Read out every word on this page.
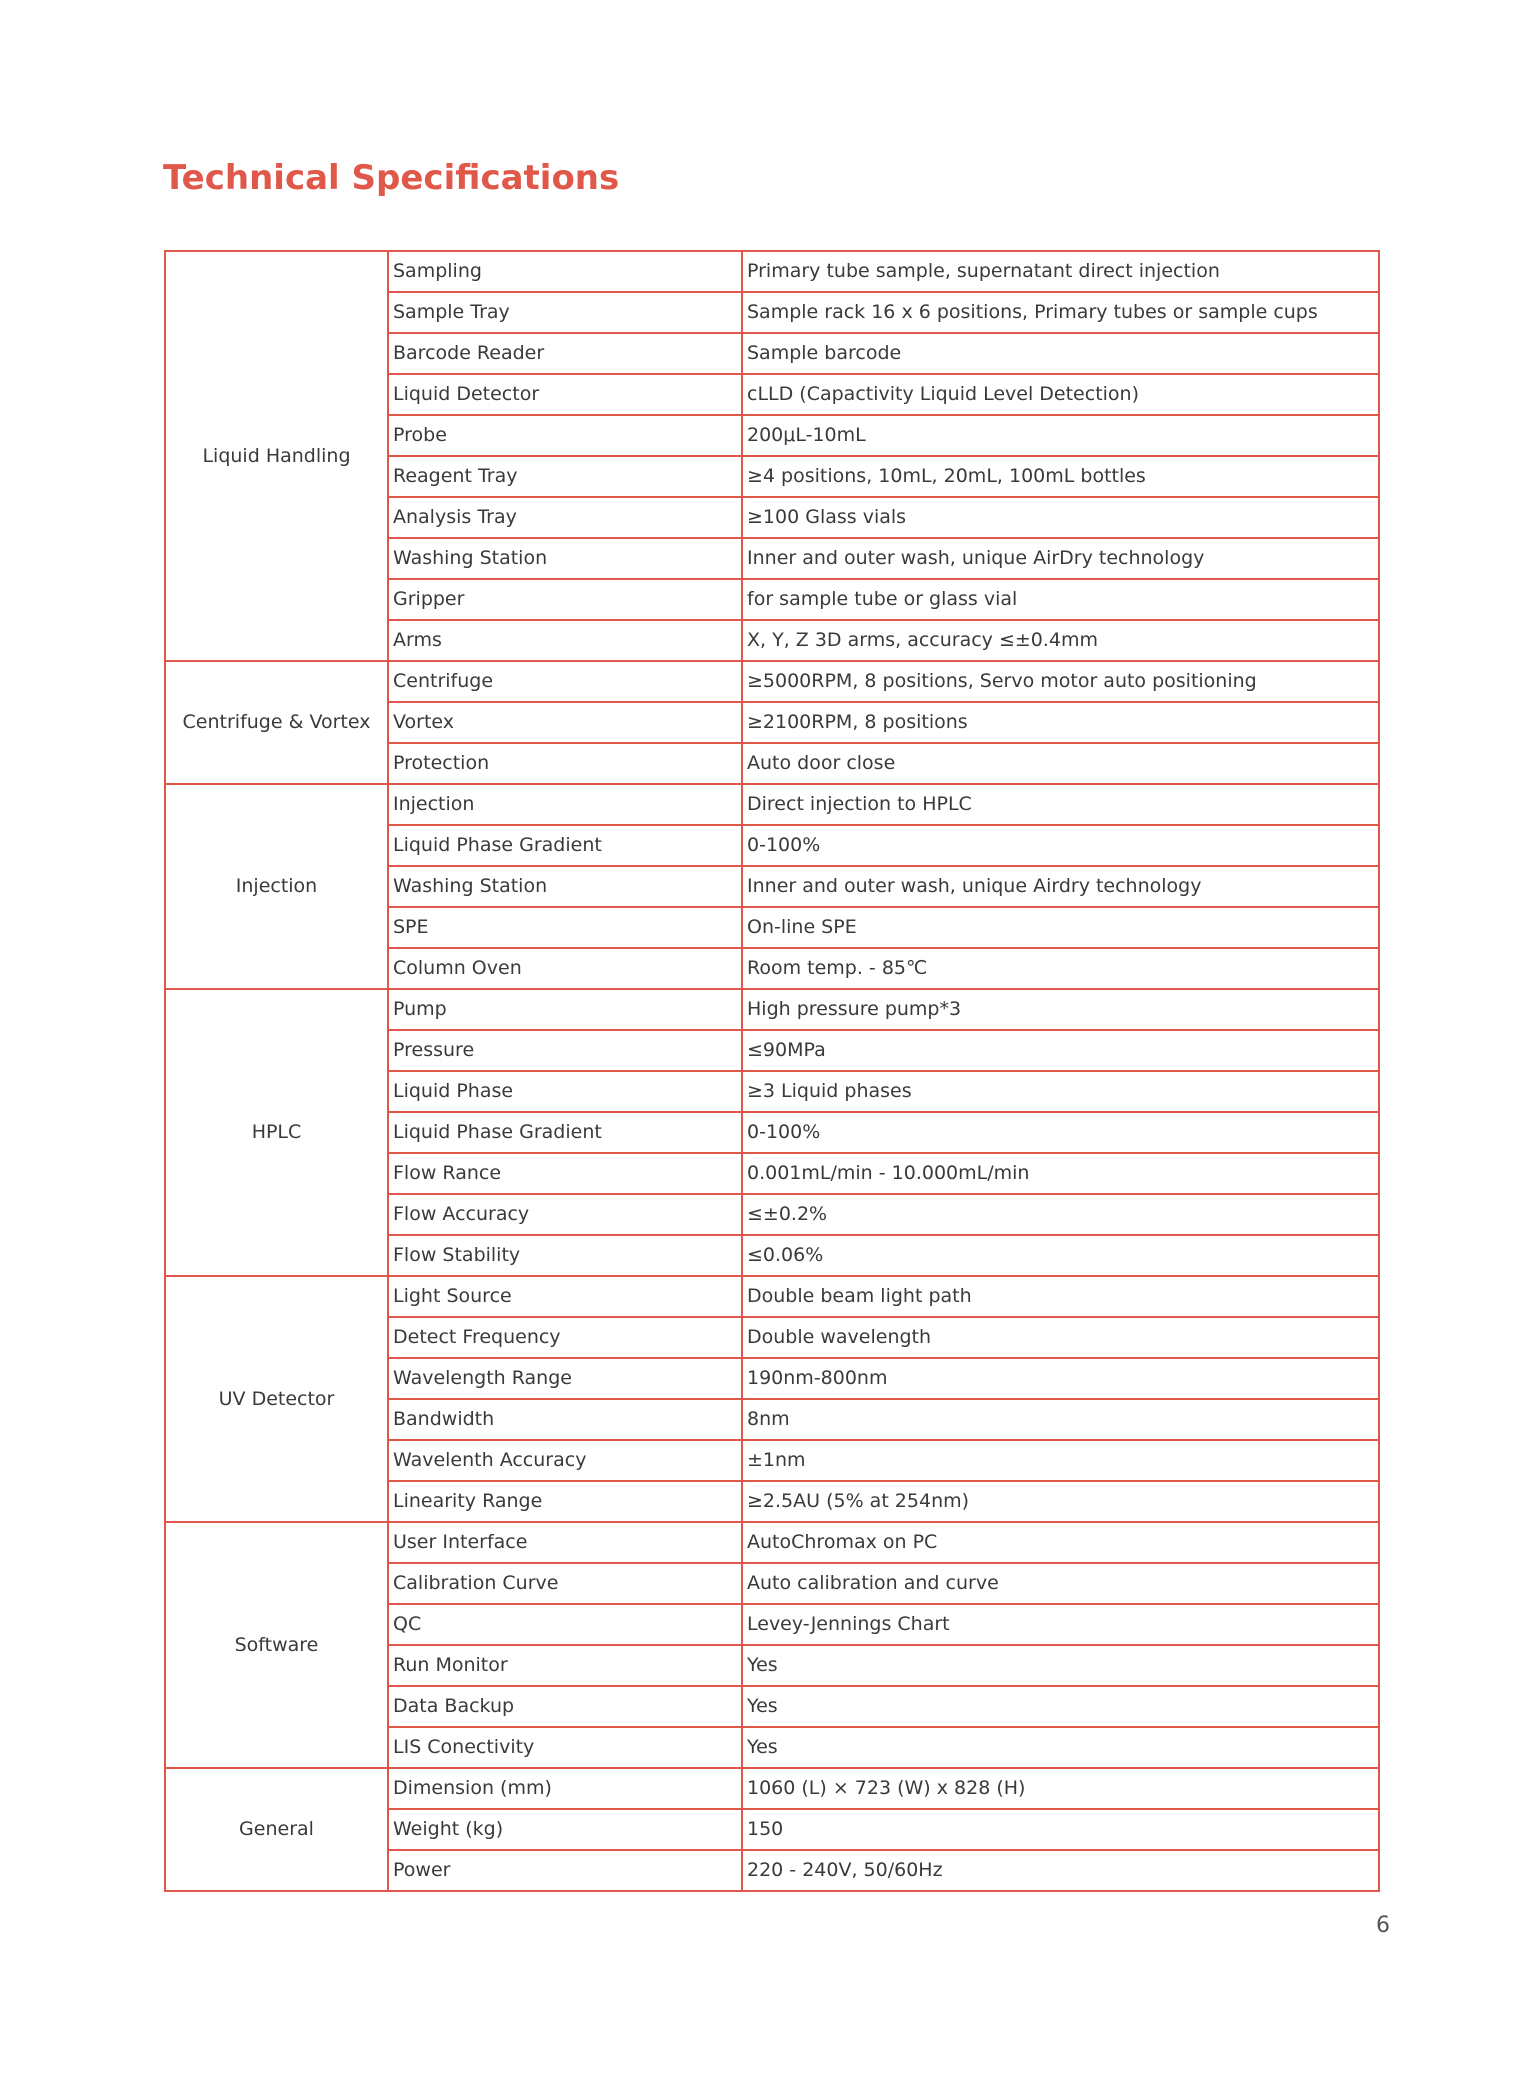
Technical Specifications
Liquid Handling	Sampling	Primary tube sample, supernatant direct injection
	Sample Tray	Sample rack 16 x 6 positions, Primary tubes or sample cups
	Barcode Reader	Sample barcode
	Liquid Detector	cLLD (Capactivity Liquid Level Detection)
	Probe	200μL-10mL
	Reagent Tray	≥4 positions, 10mL, 20mL, 100mL bottles
	Analysis Tray	≥100 Glass vials
	Washing Station	Inner and outer wash, unique AirDry technology
	Gripper	for sample tube or glass vial
	Arms	X, Y, Z 3D arms, accuracy ≤±0.4mm
Centrifuge & Vortex	Centrifuge	≥5000RPM, 8 positions, Servo motor auto positioning
	Vortex	≥2100RPM, 8 positions
	Protection	Auto door close
Injection	Injection	Direct injection to HPLC
	Liquid Phase Gradient	0-100%
	Washing Station	Inner and outer wash, unique Airdry technology
	SPE	On-line SPE
	Column Oven	Room temp. - 85℃
HPLC	Pump	High pressure pump*3
	Pressure	≤90MPa
	Liquid Phase	≥3 Liquid phases
	Liquid Phase Gradient	0-100%
	Flow Rance	0.001mL/min - 10.000mL/min
	Flow Accuracy	≤±0.2%
	Flow Stability	≤0.06%
UV Detector	Light Source	Double beam light path
	Detect Frequency	Double wavelength
	Wavelength Range	190nm-800nm
	Bandwidth	8nm
	Wavelenth Accuracy	±1nm
	Linearity Range	≥2.5AU (5% at 254nm)
Software	User Interface	AutoChromax on PC
	Calibration Curve	Auto calibration and curve
	QC	Levey-Jennings Chart
	Run Monitor	Yes
	Data Backup	Yes
	LIS Conectivity	Yes
General	Dimension (mm)	1060 (L) × 723 (W) x 828 (H)
	Weight (kg)	150
	Power	220 - 240V, 50/60Hz
6
